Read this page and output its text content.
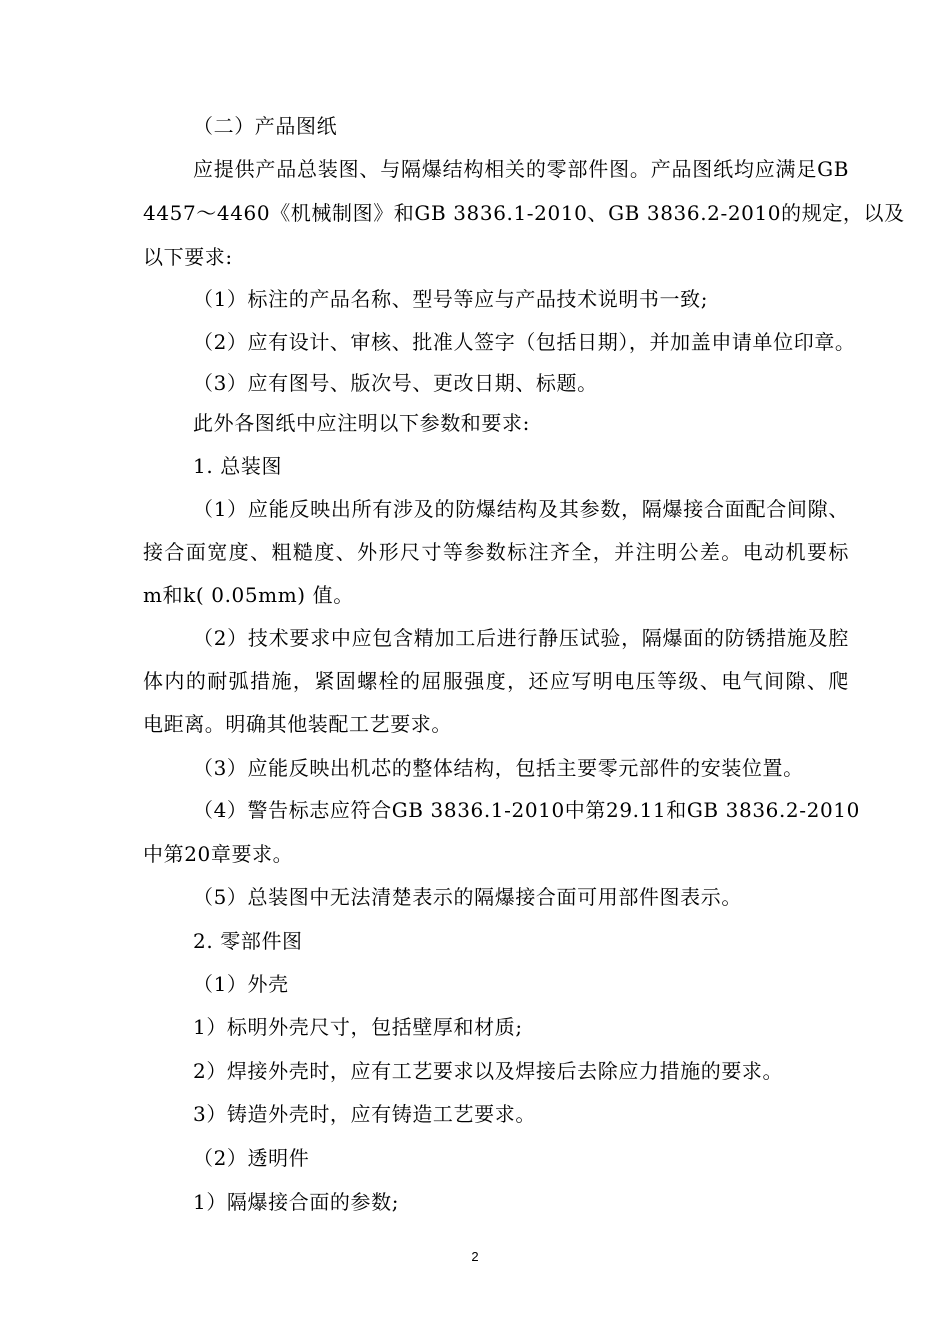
（二）产品图纸
应提供产品总装图、与隔爆结构相关的零部件图。产品图纸均应满足GB
4457～4460《机械制图》和GB 3836.1-2010、GB 3836.2-2010的规定，以及
以下要求:
（1）标注的产品名称、型号等应与产品技术说明书一致;
（2）应有设计、审核、批准人签字（包括日期），并加盖申请单位印章。
（3）应有图号、版次号、更改日期、标题。
此外各图纸中应注明以下参数和要求:
1. 总装图
（1）应能反映出所有涉及的防爆结构及其参数，隔爆接合面配合间隙、
接合面宽度、粗糙度、外形尺寸等参数标注齐全，并注明公差。电动机要标
m和k( 0.05mm) 值。
（2）技术要求中应包含精加工后进行静压试验，隔爆面的防锈措施及腔
体内的耐弧措施，紧固螺栓的屈服强度，还应写明电压等级、电气间隙、爬
电距离。明确其他装配工艺要求。
（3）应能反映出机芯的整体结构，包括主要零元部件的安装位置。
（4）警告标志应符合GB 3836.1-2010中第29.11和GB 3836.2-2010
中第20章要求。
（5）总装图中无法清楚表示的隔爆接合面可用部件图表示。
2. 零部件图
（1）外壳
1）标明外壳尺寸，包括壁厚和材质;
2）焊接外壳时，应有工艺要求以及焊接后去除应力措施的要求。
3）铸造外壳时，应有铸造工艺要求。
（2）透明件
1）隔爆接合面的参数;
2
